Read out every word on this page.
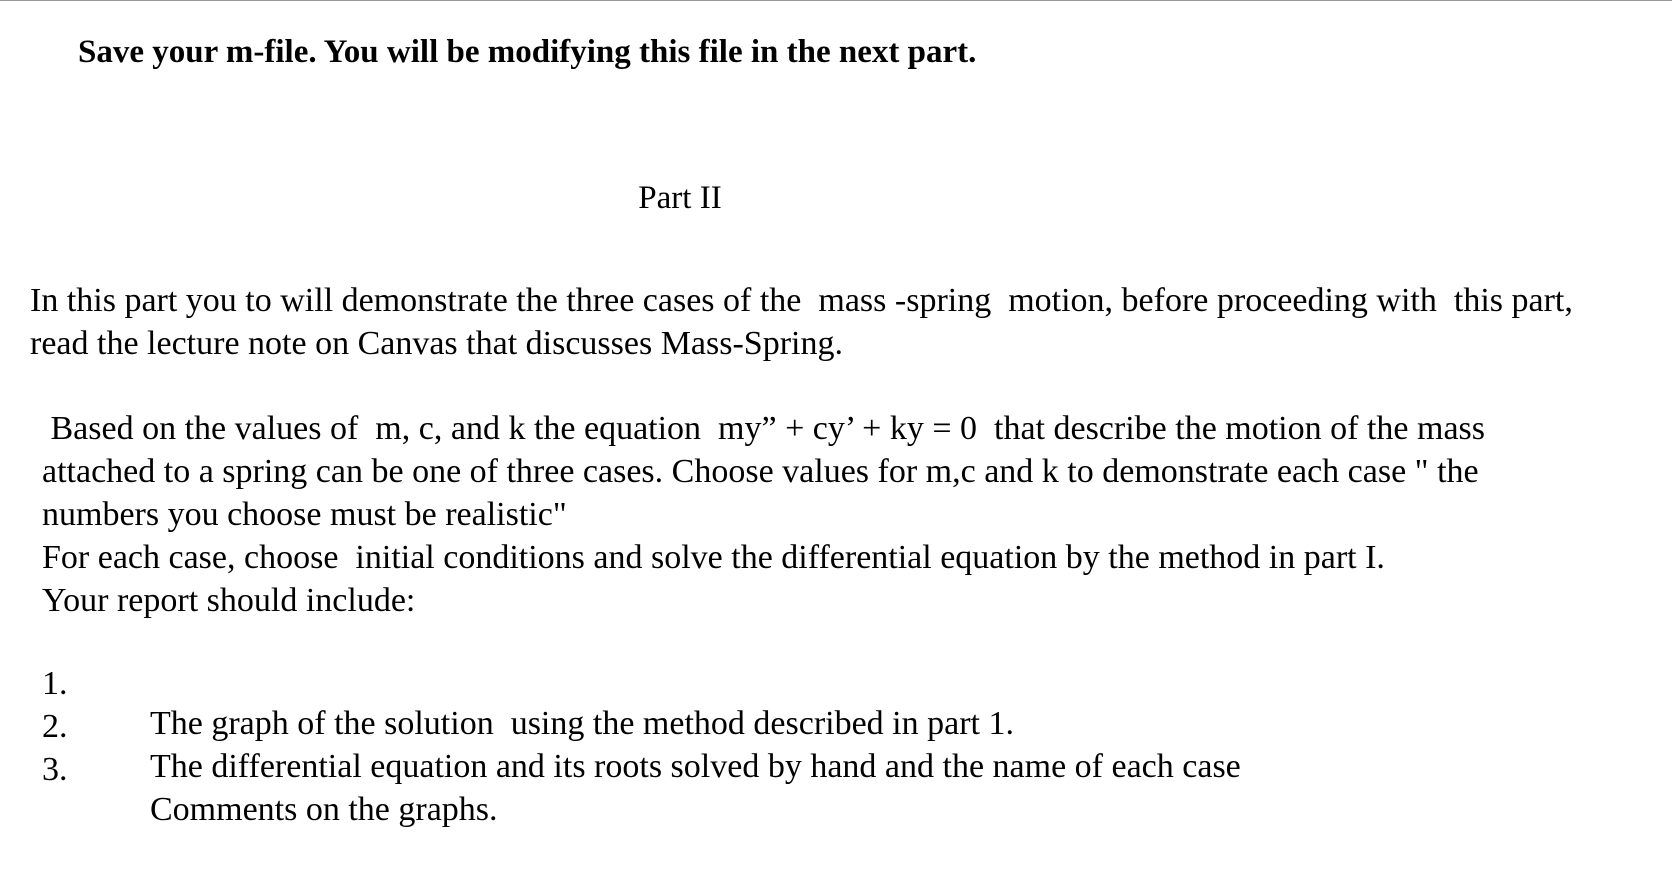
Save your m-file. You will be modifying this file in the next part.
Part II
In this part you to will demonstrate the three cases of the  mass -spring  motion, before proceeding with  this part,
read the lecture note on Canvas that discusses Mass-Spring.
Based on the values of  m, c, and k the equation  my” + cy’ + ky = 0  that describe the motion of the mass
attached to a spring can be one of three cases. Choose values for m,c and k to demonstrate each case " the
numbers you choose must be realistic"
For each case, choose  initial conditions and solve the differential equation by the method in part I.
Your report should include:

1.

The graph of the solution  using the method described in part 1.

2.

The differential equation and its roots solved by hand and the name of each case

3.

Comments on the graphs.
